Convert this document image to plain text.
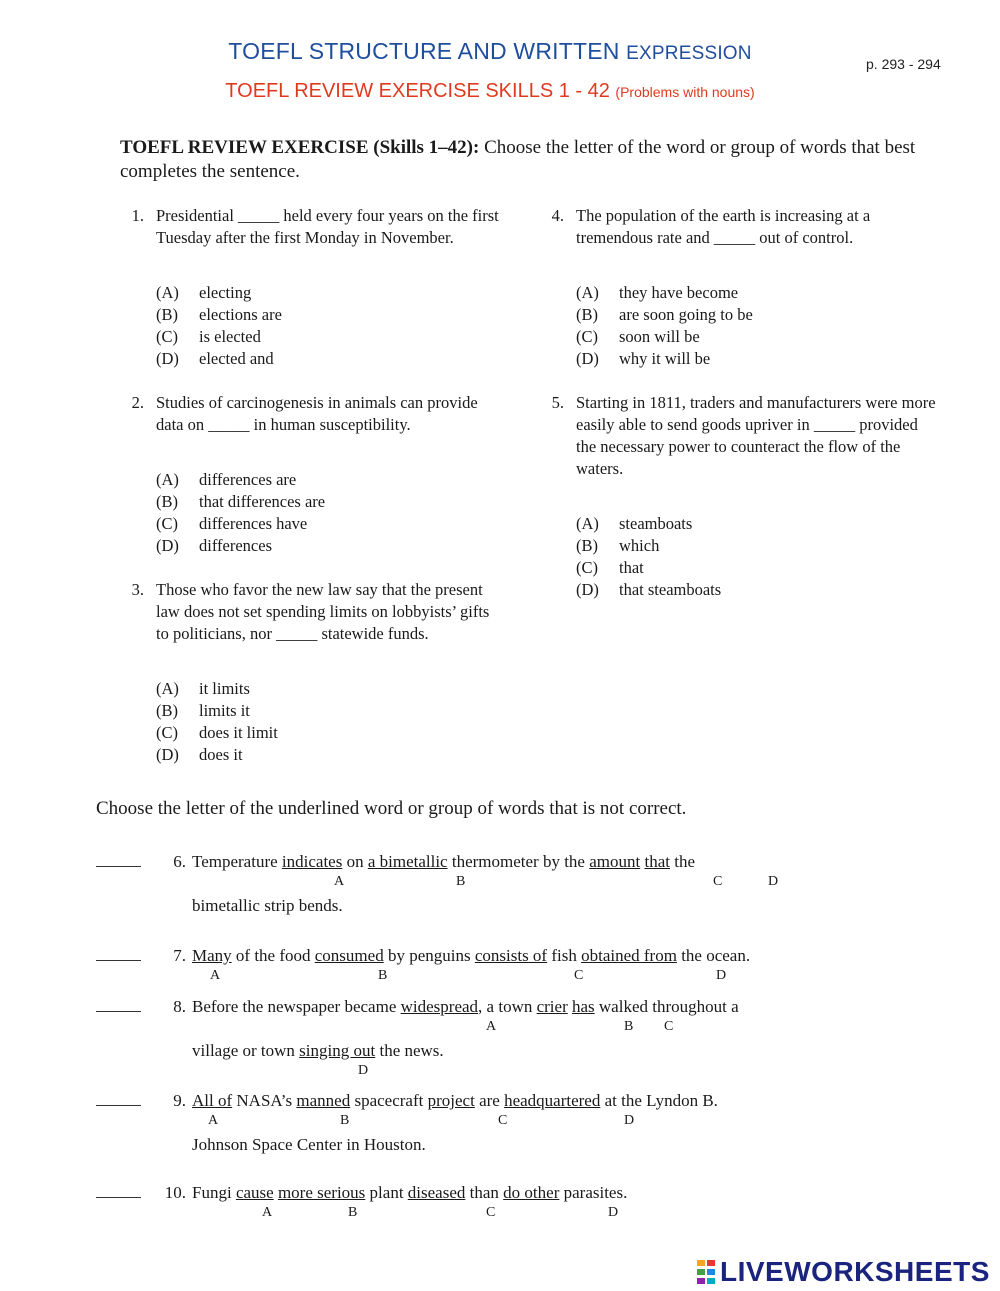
TOEFL STRUCTURE AND WRITTEN EXPRESSION	p. 293 - 294
TOEFL REVIEW EXERCISE SKILLS 1 - 42 (Problems with nouns)
TOEFL REVIEW EXERCISE (Skills 1–42): Choose the letter of the word or group of words that best completes the sentence.
1. Presidential _____ held every four years on the first Tuesday after the first Monday in November.
(A)	electing
(B)	elections are
(C)	is elected
(D)	elected and
2. Studies of carcinogenesis in animals can provide data on _____ in human susceptibility.
(A)	differences are
(B)	that differences are
(C)	differences have
(D)	differences
3. Those who favor the new law say that the present law does not set spending limits on lobbyists’ gifts to politicians, nor _____ statewide funds.
(A)	it limits
(B)	limits it
(C)	does it limit
(D)	does it
4. The population of the earth is increasing at a tremendous rate and _____ out of control.
(A)	they have become
(B)	are soon going to be
(C)	soon will be
(D)	why it will be
5. Starting in 1811, traders and manufacturers were more easily able to send goods upriver in _____ provided the necessary power to counteract the flow of the waters.
(A)	steamboats
(B)	which
(C)	that
(D)	that steamboats
Choose the letter of the underlined word or group of words that is not correct.
6. Temperature indicates on a bimetallic thermometer by the amount that the
A	B	C	D
bimetallic strip bends.
7. Many of the food consumed by penguins consists of fish obtained from the ocean.
A	B	C	D
8. Before the newspaper became widespread, a town crier has walked throughout a
A	B C
village or town singing out the news.
D
9. All of NASA’s manned spacecraft project are headquartered at the Lyndon B.
A	B	C	D
Johnson Space Center in Houston.
10. Fungi cause more serious plant diseased than do other parasites.
A	B	C	D
LIVEWORKSHEETS
